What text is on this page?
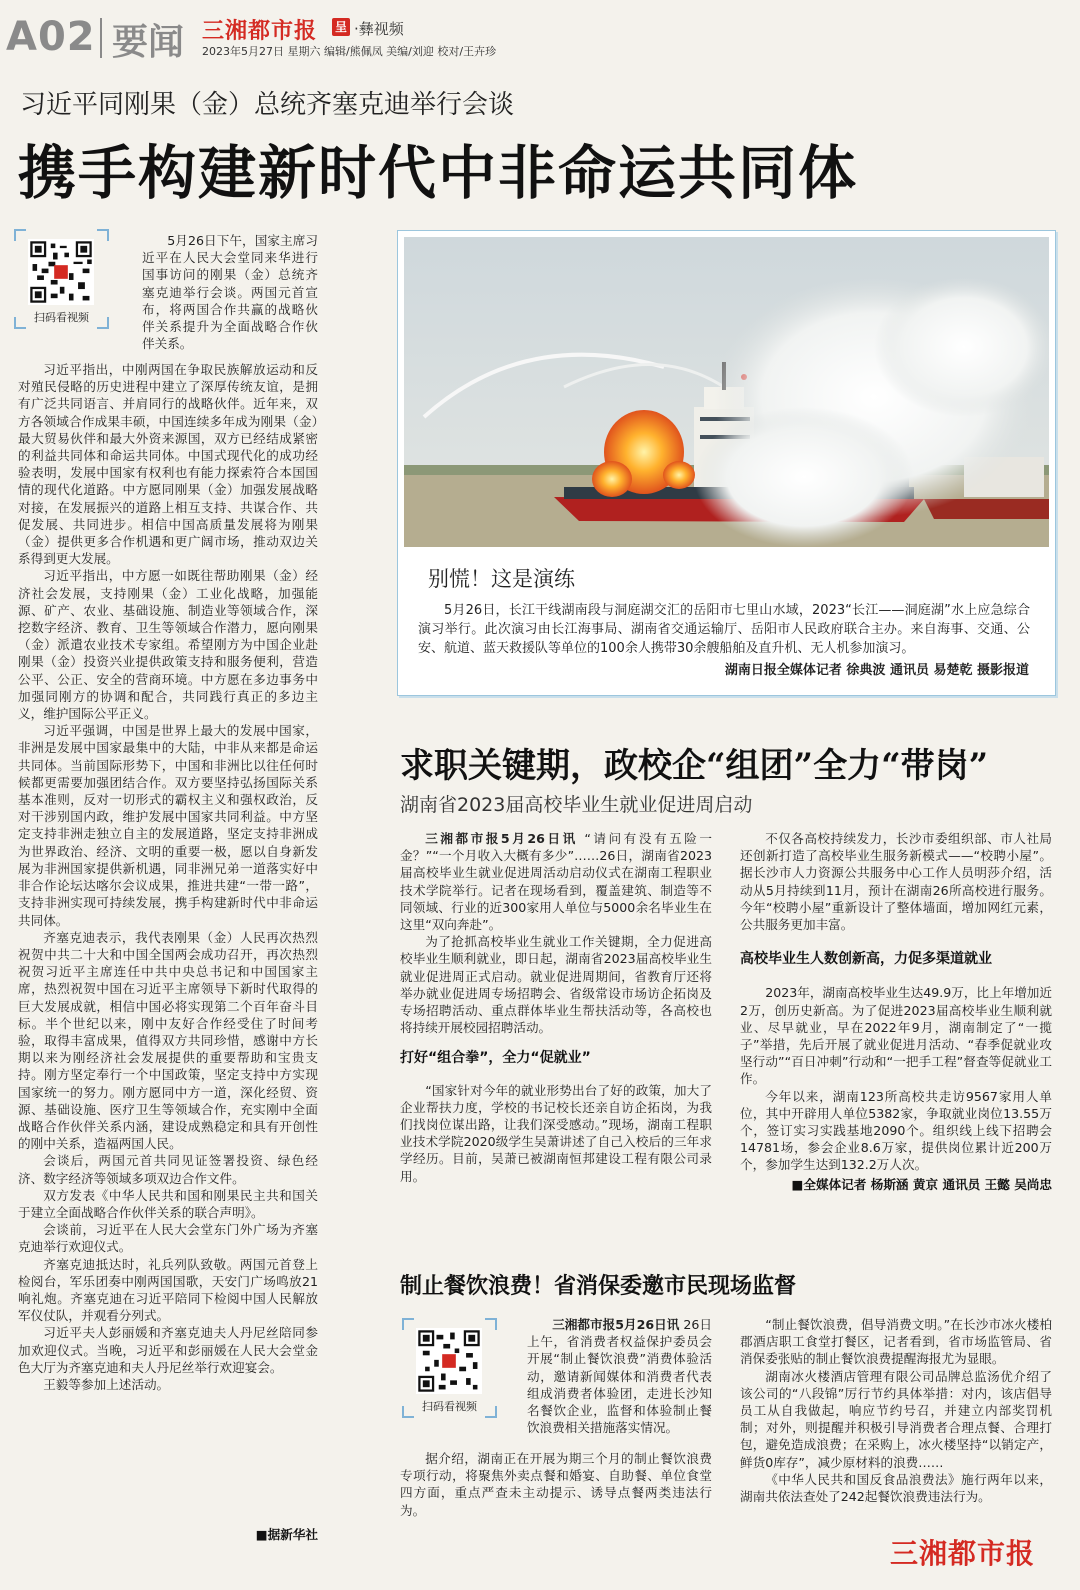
A02 要闻 三湘都市报 呈 ·彝视频
2023年5月27日 星期六 编辑/熊佩凤 美编/刘迎 校对/王卉珍
习近平同刚果（金）总统齐塞克迪举行会谈
携手构建新时代中非命运共同体
扫码看视频

5月26日下午，国家主席习近平在人民大会堂同来华进行国事访问的刚果（金）总统齐塞克迪举行会谈。两国元首宣布，将两国合作共赢的战略伙伴关系提升为全面战略合作伙伴关系。

习近平指出，中刚两国在争取民族解放运动和反对殖民侵略的历史进程中建立了深厚传统友谊，是拥有广泛共同语言、并肩同行的战略伙伴。近年来，双方各领域合作成果丰硕，中国连续多年成为刚果（金）最大贸易伙伴和最大外资来源国，双方已经结成紧密的利益共同体和命运共同体。中国式现代化的成功经验表明，发展中国家有权利也有能力探索符合本国国情的现代化道路。中方愿同刚果（金）加强发展战略对接，在发展振兴的道路上相互支持、共谋合作、共促发展、共同进步。相信中国高质量发展将为刚果（金）提供更多合作机遇和更广阔市场，推动双边关系得到更大发展。

习近平指出，中方愿一如既往帮助刚果（金）经济社会发展，支持刚果（金）工业化战略，加强能源、矿产、农业、基础设施、制造业等领域合作，深挖数字经济、教育、卫生等领域合作潜力，愿向刚果（金）派遣农业技术专家组。希望刚方为中国企业赴刚果（金）投资兴业提供政策支持和服务便利，营造公平、公正、安全的营商环境。中方愿在多边事务中加强同刚方的协调和配合，共同践行真正的多边主义，维护国际公平正义。

习近平强调，中国是世界上最大的发展中国家，非洲是发展中国家最集中的大陆，中非从来都是命运共同体。当前国际形势下，中国和非洲比以往任何时候都更需要加强团结合作。双方要坚持弘扬国际关系基本准则，反对一切形式的霸权主义和强权政治，反对干涉别国内政，维护发展中国家共同利益。中方坚定支持非洲走独立自主的发展道路，坚定支持非洲成为世界政治、经济、文明的重要一极，愿以自身新发展为非洲国家提供新机遇，同非洲兄弟一道落实好中非合作论坛达喀尔会议成果，推进共建“一带一路”，支持非洲实现可持续发展，携手构建新时代中非命运共同体。

齐塞克迪表示，我代表刚果（金）人民再次热烈祝贺中共二十大和中国全国两会成功召开，再次热烈祝贺习近平主席连任中共中央总书记和中国国家主席，热烈祝贺中国在习近平主席领导下新时代取得的巨大发展成就，相信中国必将实现第二个百年奋斗目标。半个世纪以来，刚中友好合作经受住了时间考验，取得丰富成果，值得双方共同珍惜，感谢中方长期以来为刚经济社会发展提供的重要帮助和宝贵支持。刚方坚定奉行一个中国政策，坚定支持中方实现国家统一的努力。刚方愿同中方一道，深化经贸、资源、基础设施、医疗卫生等领域合作，充实刚中全面战略合作伙伴关系内涵，建设成熟稳定和具有开创性的刚中关系，造福两国人民。

会谈后，两国元首共同见证签署投资、绿色经济、数字经济等领域多项双边合作文件。

双方发表《中华人民共和国和刚果民主共和国关于建立全面战略合作伙伴关系的联合声明》。

会谈前，习近平在人民大会堂东门外广场为齐塞克迪举行欢迎仪式。

齐塞克迪抵达时，礼兵列队致敬。两国元首登上检阅台，军乐团奏中刚两国国歌，天安门广场鸣放21响礼炮。齐塞克迪在习近平陪同下检阅中国人民解放军仪仗队，并观看分列式。

习近平夫人彭丽媛和齐塞克迪夫人丹尼丝陪同参加欢迎仪式。当晚，习近平和彭丽媛在人民大会堂金色大厅为齐塞克迪和夫人丹尼丝举行欢迎宴会。

王毅等参加上述活动。

■据新华社
别慌！这是演练

5月26日，长江干线湖南段与洞庭湖交汇的岳阳市七里山水域，2023“长江——洞庭湖”水上应急综合演习举行。此次演习由长江海事局、湖南省交通运输厅、岳阳市人民政府联合主办。来自海事、交通、公安、航道、蓝天救援队等单位的100余人携带30余艘船舶及直升机、无人机参加演习。

湖南日报全媒体记者 徐典波 通讯员 易楚乾 摄影报道
求职关键期，政校企“组团”全力“带岗”
湖南省2023届高校毕业生就业促进周启动

三湘都市报5月26日讯 “请问有没有五险一金？”“一个月收入大概有多少”……26日，湖南省2023届高校毕业生就业促进周活动启动仪式在湖南工程职业技术学院举行。记者在现场看到，覆盖建筑、制造等不同领域、行业的近300家用人单位与5000余名毕业生在这里“双向奔赴”。

为了抢抓高校毕业生就业工作关键期，全力促进高校毕业生顺利就业，即日起，湖南省2023届高校毕业生就业促进周正式启动。就业促进周期间，省教育厅还将举办就业促进周专场招聘会、省级常设市场访企拓岗及专场招聘活动、重点群体毕业生帮扶活动等，各高校也将持续开展校园招聘活动。

打好“组合拳”，全力“促就业”

“国家针对今年的就业形势出台了好的政策，加大了企业帮扶力度，学校的书记校长还亲自访企拓岗，为我们找岗位谋出路，让我们深受感动。”现场，湖南工程职业技术学院2020级学生吴萧讲述了自己入校后的三年求学经历。目前，吴萧已被湖南恒邦建设工程有限公司录用。

不仅各高校持续发力，长沙市委组织部、市人社局还创新打造了高校毕业生服务新模式——“校聘小屋”。据长沙市人力资源公共服务中心工作人员明莎介绍，活动从5月持续到11月，预计在湖南26所高校进行服务。今年“校聘小屋”重新设计了整体墙面，增加网红元素，公共服务更加丰富。

高校毕业生人数创新高，力促多渠道就业

2023年，湖南高校毕业生达49.9万，比上年增加近2万，创历史新高。为了促进2023届高校毕业生顺利就业、尽早就业，早在2022年9月，湖南制定了“一揽子”举措，先后开展了就业促进月活动、“春季促就业攻坚行动”“百日冲刺”行动和“一把手工程”督查等促就业工作。

今年以来，湖南123所高校共走访9567家用人单位，其中开辟用人单位5382家，争取就业岗位13.55万个，签订实习实践基地2090个。组织线上线下招聘会14781场，参会企业8.6万家，提供岗位累计近200万个，参加学生达到132.2万人次。

■全媒体记者 杨斯涵 黄京 通讯员 王懿 吴尚忠
制止餐饮浪费！省消保委邀市民现场监督
扫码看视频

三湘都市报5月26日讯 26日上午，省消费者权益保护委员会开展“制止餐饮浪费”消费体验活动，邀请新闻媒体和消费者代表组成消费者体验团，走进长沙知名餐饮企业，监督和体验制止餐饮浪费相关措施落实情况。

据介绍，湖南正在开展为期三个月的制止餐饮浪费专项行动，将聚焦外卖点餐和婚宴、自助餐、单位食堂四方面，重点严查未主动提示、诱导点餐两类违法行为。

“制止餐饮浪费，倡导消费文明。”在长沙市冰火楼柏郡酒店职工食堂打餐区，记者看到，省市场监管局、省消保委张贴的制止餐饮浪费提醒海报尤为显眼。

湖南冰火楼酒店管理有限公司品牌总监汤优介绍了该公司的“八段锦”厉行节约具体举措：对内，该店倡导员工从自我做起，响应节约号召，并建立内部奖罚机制；对外，则提醒并积极引导消费者合理点餐、合理打包，避免造成浪费；在采购上，冰火楼坚持“以销定产，鲜货0库存”，减少原材料的浪费……

《中华人民共和国反食品浪费法》施行两年以来，湖南共依法查处了242起餐饮浪费违法行为。

三湘都市报
